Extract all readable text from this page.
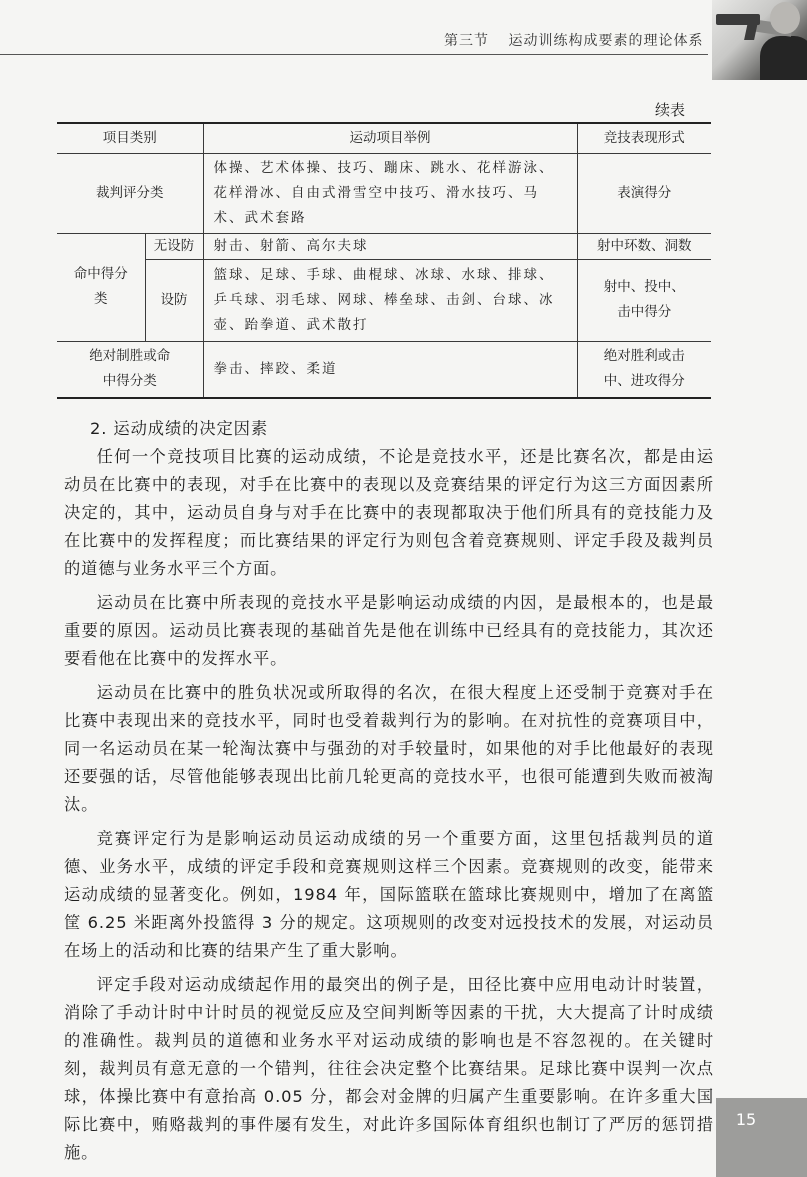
第三节 运动训练构成要素的理论体系
续表
项目类别		运动项目举例	竞技表现形式
裁判评分类		体操、艺术体操、技巧、蹦床、跳水、花样游泳、花样滑冰、自由式滑雪空中技巧、滑水技巧、马术、武术套路	表演得分
命中得分类	无设防	射击、射箭、高尔夫球	射中环数、洞数
	设防	篮球、足球、手球、曲棍球、冰球、水球、排球、乒乓球、羽毛球、网球、棒垒球、击剑、台球、冰壶、跆拳道、武术散打	射中、投中、击中得分
绝对制胜或命中得分类		拳击、摔跤、柔道	绝对胜利或击中、进攻得分
2. 运动成绩的决定因素

任何一个竞技项目比赛的运动成绩，不论是竞技水平，还是比赛名次，都是由运动员在比赛中的表现，对手在比赛中的表现以及竞赛结果的评定行为这三方面因素所决定的，其中，运动员自身与对手在比赛中的表现都取决于他们所具有的竞技能力及在比赛中的发挥程度；而比赛结果的评定行为则包含着竞赛规则、评定手段及裁判员的道德与业务水平三个方面。

运动员在比赛中所表现的竞技水平是影响运动成绩的内因，是最根本的，也是最重要的原因。运动员比赛表现的基础首先是他在训练中已经具有的竞技能力，其次还要看他在比赛中的发挥水平。

运动员在比赛中的胜负状况或所取得的名次，在很大程度上还受制于竞赛对手在比赛中表现出来的竞技水平，同时也受着裁判行为的影响。在对抗性的竞赛项目中，同一名运动员在某一轮淘汰赛中与强劲的对手较量时，如果他的对手比他最好的表现还要强的话，尽管他能够表现出比前几轮更高的竞技水平，也很可能遭到失败而被淘汰。

竞赛评定行为是影响运动员运动成绩的另一个重要方面，这里包括裁判员的道德、业务水平，成绩的评定手段和竞赛规则这样三个因素。竞赛规则的改变，能带来运动成绩的显著变化。例如，1984 年，国际篮联在篮球比赛规则中，增加了在离篮筐 6.25 米距离外投篮得 3 分的规定。这项规则的改变对远投技术的发展，对运动员在场上的活动和比赛的结果产生了重大影响。

评定手段对运动成绩起作用的最突出的例子是，田径比赛中应用电动计时装置，消除了手动计时中计时员的视觉反应及空间判断等因素的干扰，大大提高了计时成绩的准确性。裁判员的道德和业务水平对运动成绩的影响也是不容忽视的。在关键时刻，裁判员有意无意的一个错判，往往会决定整个比赛结果。足球比赛中误判一次点球，体操比赛中有意抬高 0.05 分，都会对金牌的归属产生重要影响。在许多重大国际比赛中，贿赂裁判的事件屡有发生，对此许多国际体育组织也制订了严厉的惩罚措施。

15
